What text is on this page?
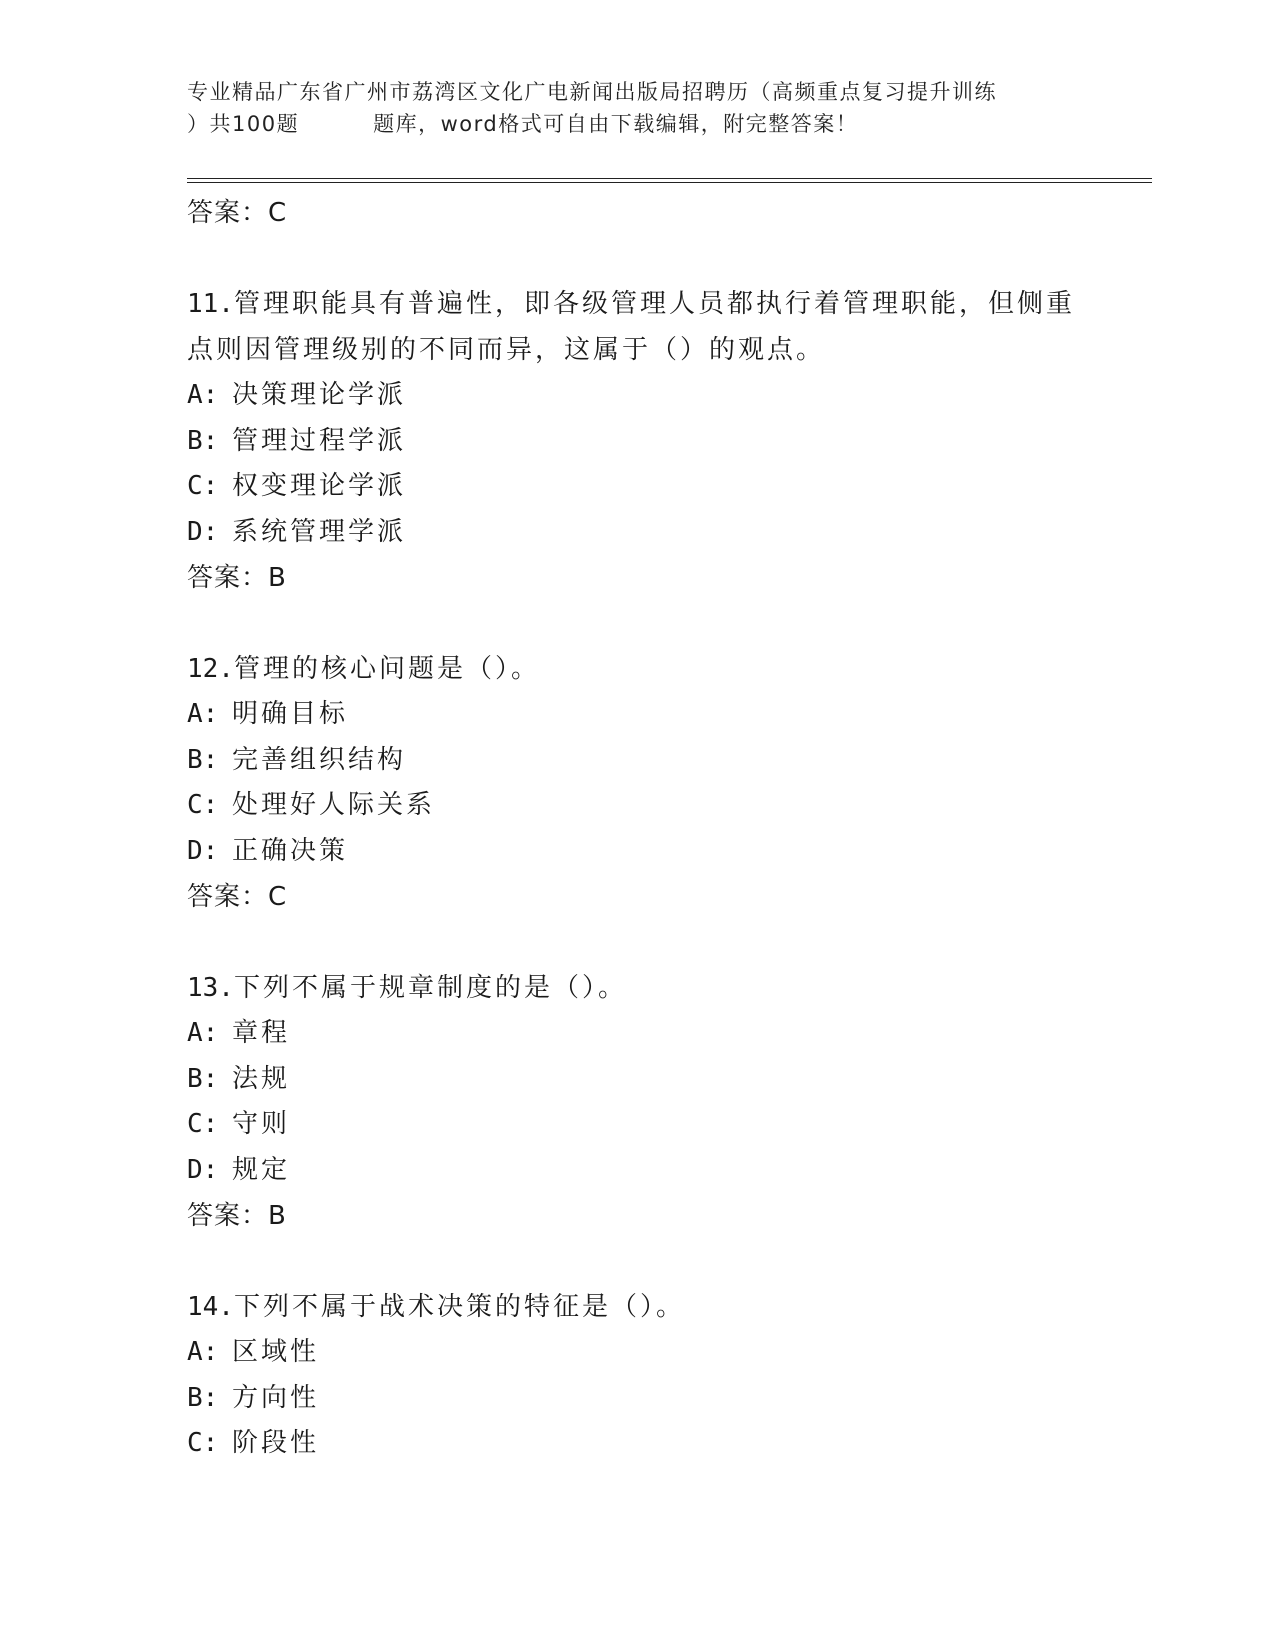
专业精品广东省广州市荔湾区文化广电新闻出版局招聘历（高频重点复习提升训练
）共100题	题库，word格式可自由下载编辑，附完整答案！
答案：C
11.管理职能具有普遍性，即各级管理人员都执行着管理职能，但侧重点则因管理级别的不同而异，这属于（）的观点。
A: 决策理论学派
B: 管理过程学派
C: 权变理论学派
D: 系统管理学派
答案：B
12.管理的核心问题是（）。
A: 明确目标
B: 完善组织结构
C: 处理好人际关系
D: 正确决策
答案：C
13.下列不属于规章制度的是（）。
A: 章程
B: 法规
C: 守则
D: 规定
答案：B
14.下列不属于战术决策的特征是（）。
A: 区域性
B: 方向性
C: 阶段性
